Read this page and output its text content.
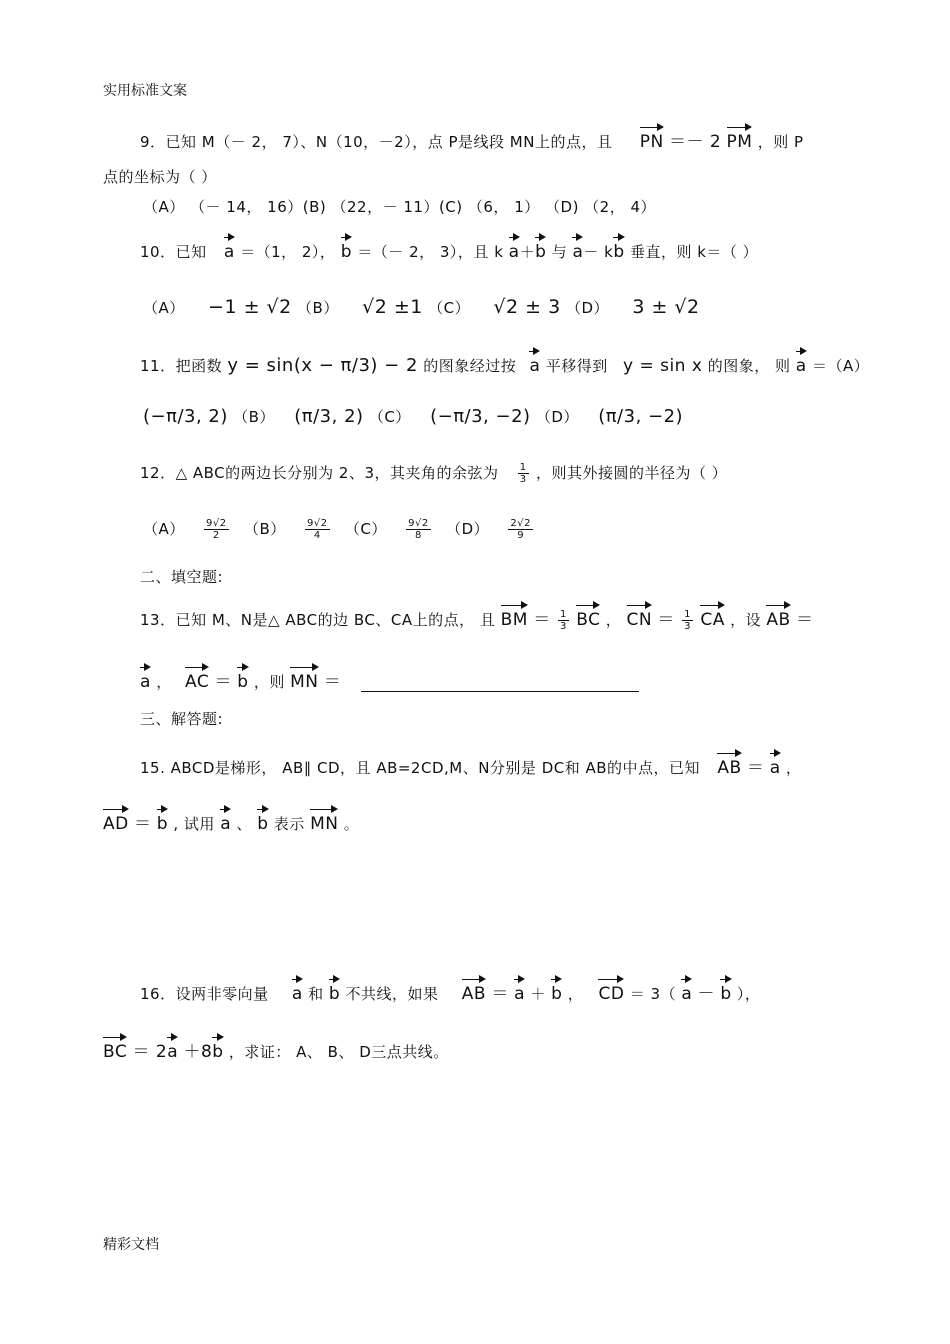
实用标准文案
9．已知 M（－ 2， 7）、N（10，－2），点 P是线段 MN上的点，且 PN ＝－ 2 PM ，则 P
点的坐标为（ ）
（A） （－ 14， 16）(B) （22，－ 11）(C) （6， 1） （D) （2， 4）
10．已知 a ＝（1， 2）， b ＝（－ 2， 3），且 k a＋b 与 a－ kb 垂直，则 k＝（ ）
（A） −1 ± √2 （B） √2 ±1 （C） √2 ± 3 （D） 3 ± √2
11．把函数 y = sin(x − π/3) − 2 的图象经过按 a 平移得到 y = sin x 的图象， 则 a ＝（A）
(−π/3, 2) （B） (π/3, 2) （C） (−π/3, −2) （D） (π/3, −2)
12．△ ABC的两边长分别为 2、3，其夹角的余弦为 $\frac{1}{3}$ ，则其外接圆的半径为（ ）
$(A) \frac{9√2}{2} (B) \frac{9√2}{4} (C) \frac{9√2}{8} (D) \frac{2√2}{9}$
二、填空题:
13．已知 M、N是△ ABC的边 BC、CA上的点， 且 BM ＝ $\frac{1}{3}$ BC ， CN ＝ $\frac{1}{3}$ CA ，设 AB ＝
a ， AC ＝ b ，则 MN ＝
三、解答题:
15. ABCD是梯形， AB∥ CD，且 AB=2CD,M、N分别是 DC和 AB的中点，已知 AB ＝ a ，
AD ＝ b , 试用 a 、 b 表示 MN 。
16．设两非零向量 a 和 b 不共线，如果 AB ＝ a ＋ b ， CD ＝ 3（ a － b ），
BC ＝ 2a ＋8b ，求证： A、 B、 D三点共线。
精彩文档
